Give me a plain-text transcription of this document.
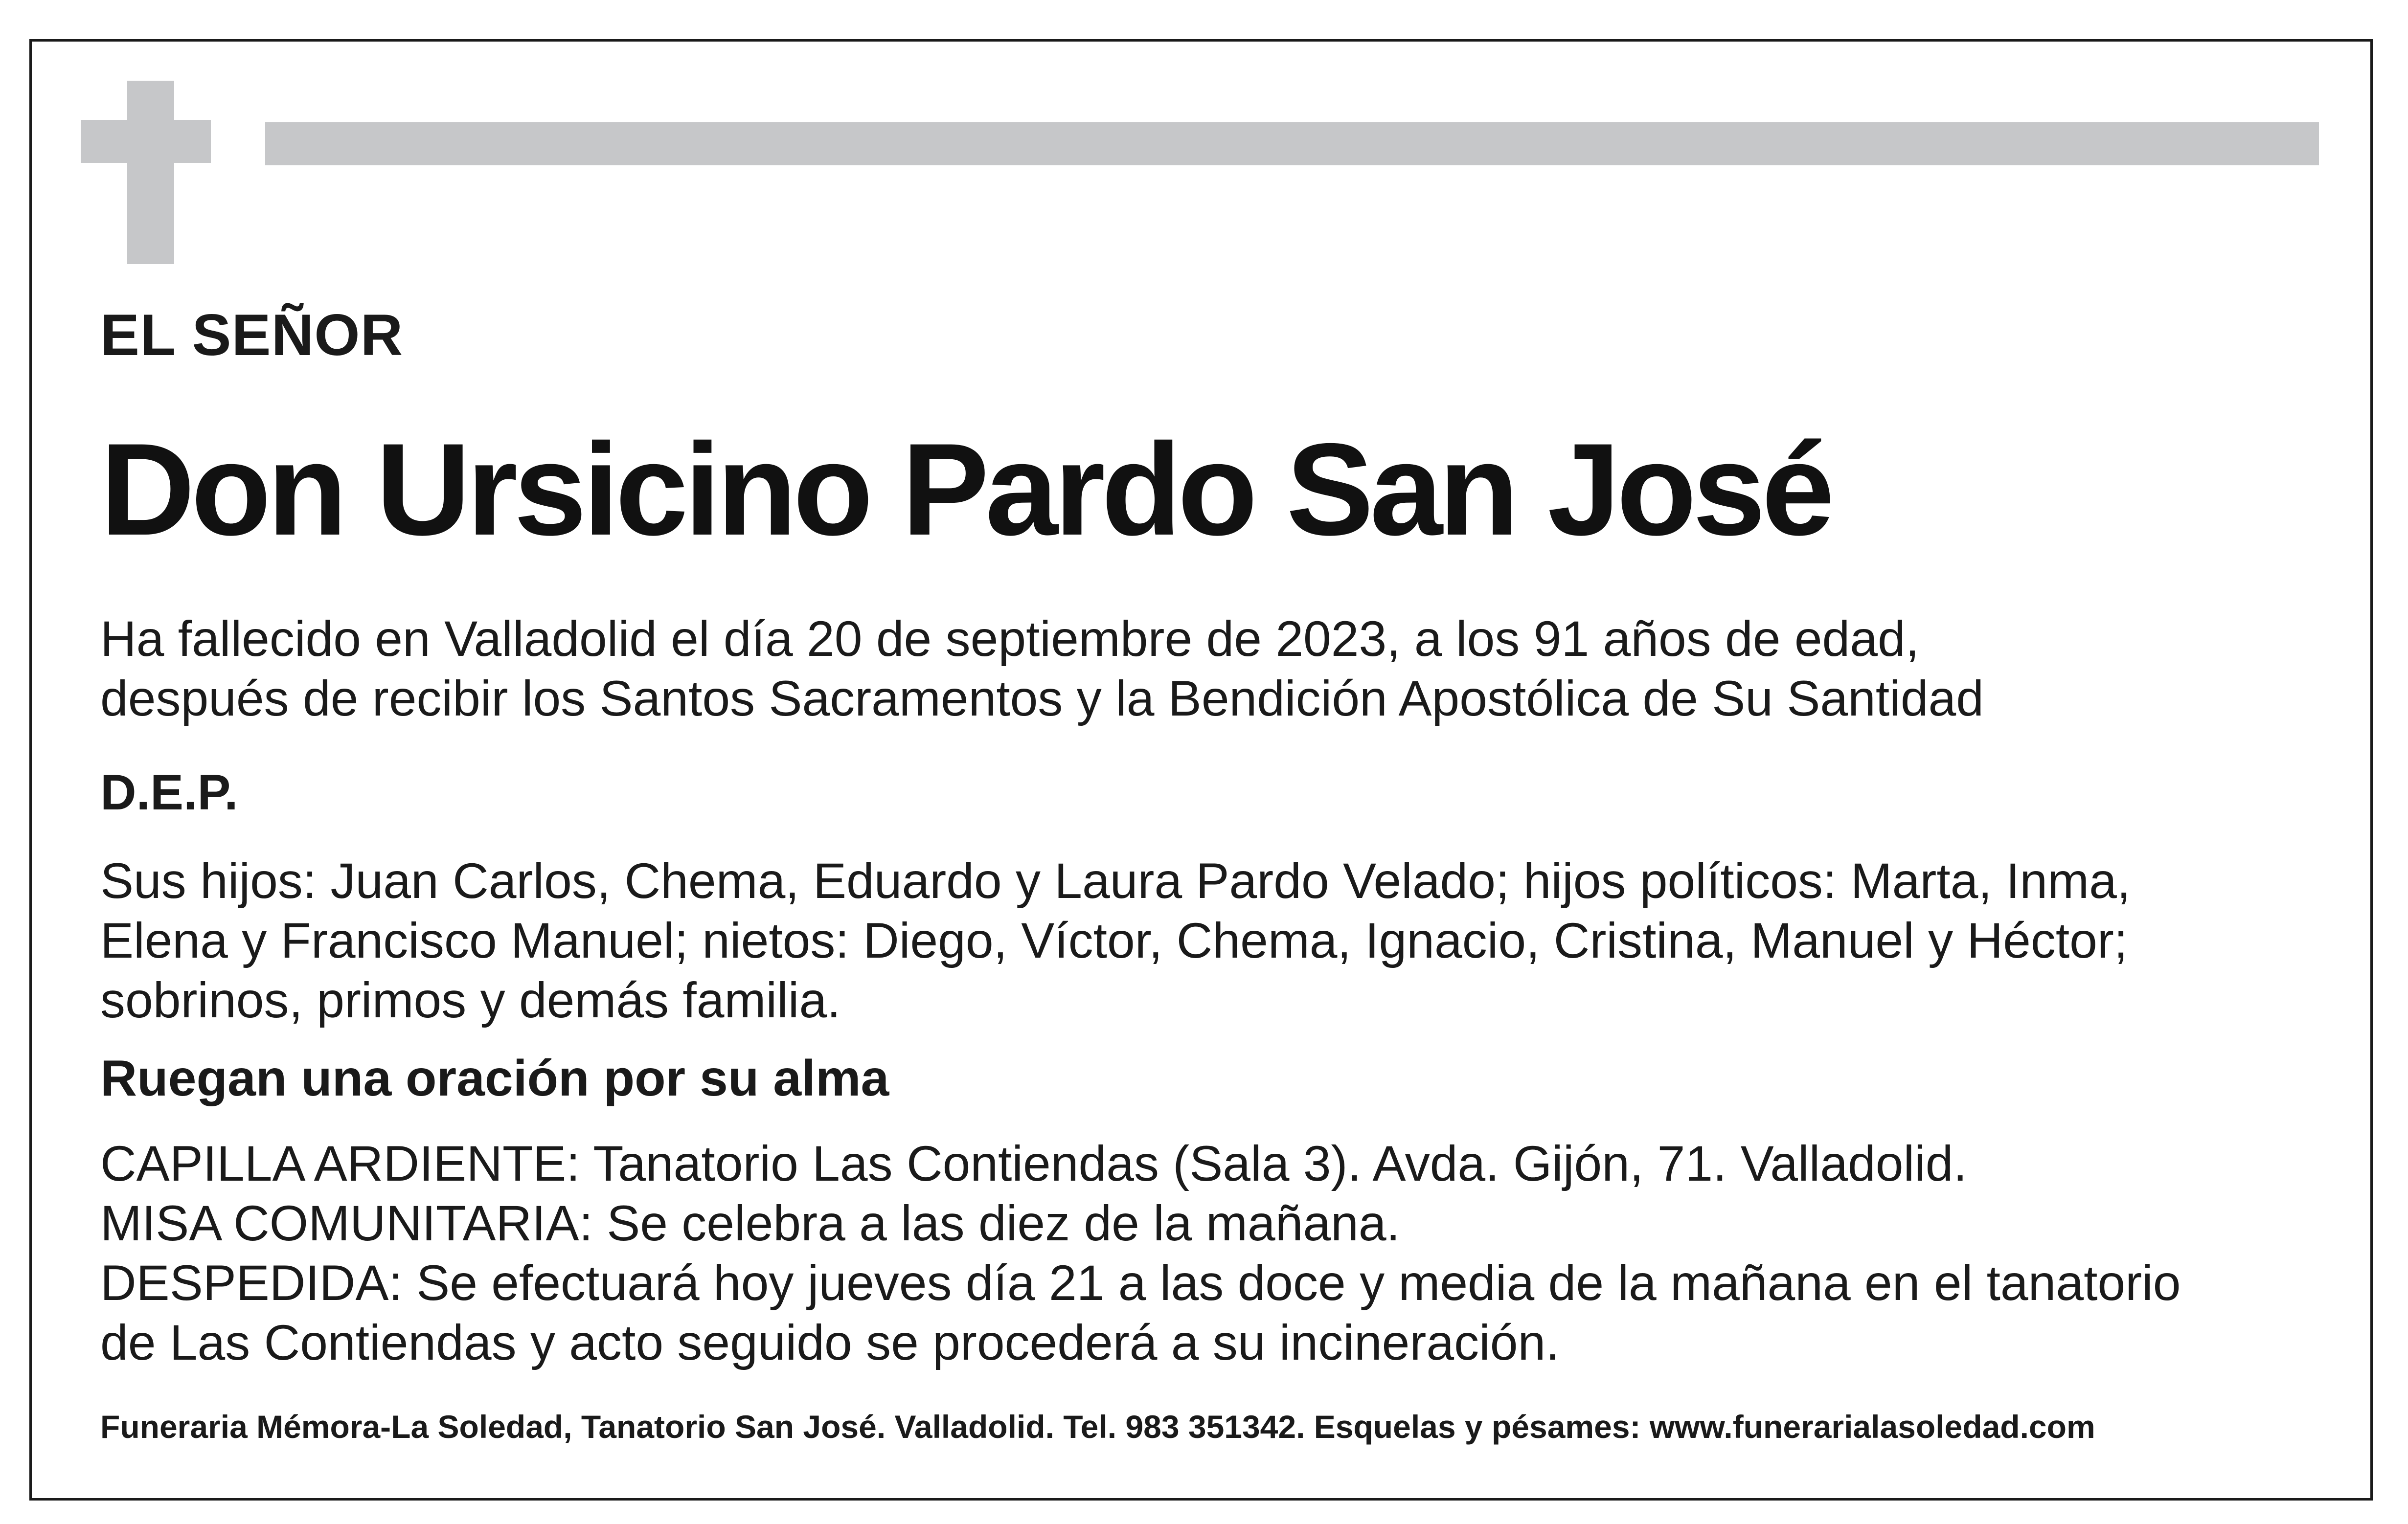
EL SEÑOR

Don Ursicino Pardo San José

Ha fallecido en Valladolid el día 20 de septiembre de 2023, a los 91 años de edad,
después de recibir los Santos Sacramentos y la Bendición Apostólica de Su Santidad

D.E.P.

Sus hijos: Juan Carlos, Chema, Eduardo y Laura Pardo Velado; hijos políticos: Marta, Inma,
Elena y Francisco Manuel; nietos: Diego, Víctor, Chema, Ignacio, Cristina, Manuel y Héctor;
sobrinos, primos y demás familia.

Ruegan una oración por su alma

CAPILLA ARDIENTE: Tanatorio Las Contiendas (Sala 3). Avda. Gijón, 71. Valladolid.
MISA COMUNITARIA: Se celebra a las diez de la mañana.
DESPEDIDA: Se efectuará hoy jueves día 21 a las doce y media de la mañana en el tanatorio
de Las Contiendas y acto seguido se procederá a su incineración.

Funeraria Mémora-La Soledad, Tanatorio San José. Valladolid. Tel. 983 351342. Esquelas y pésames: www.funerarialasoledad.com
